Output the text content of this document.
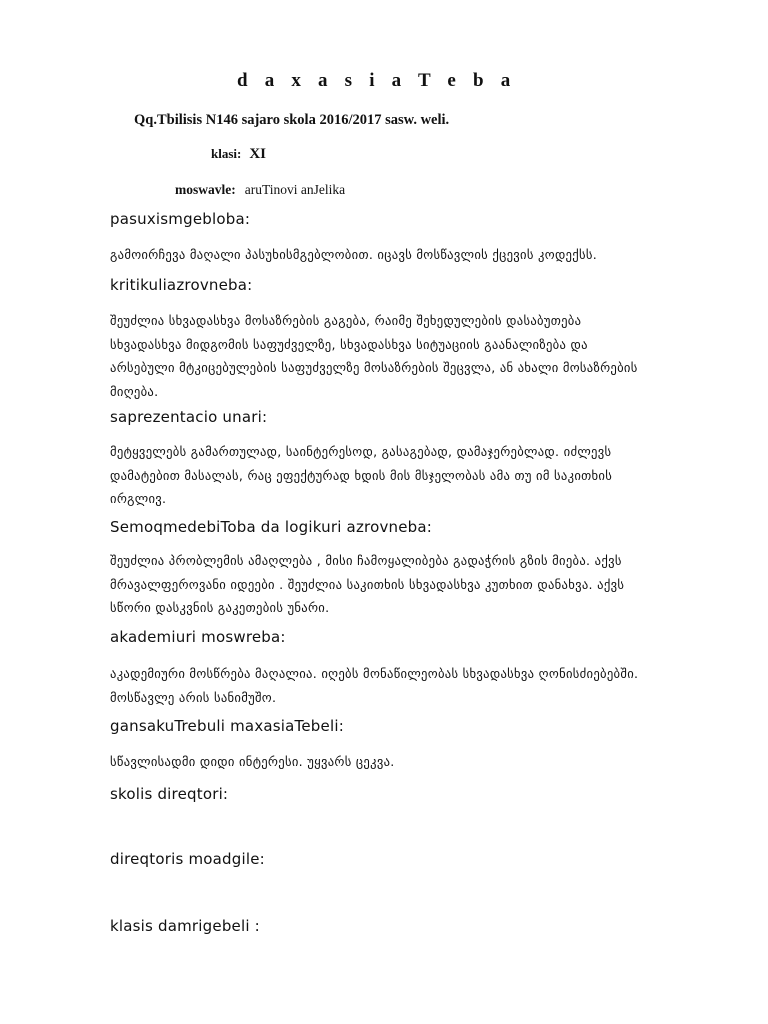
d a x a s i a T e b a
Qq.Tbilisis N146 sajaro skola 2016/2017 sasw. weli.
klasi: XI
moswavle: aruTinovi anJelika
pasuxismgebloba:
გამოირჩევა მაღალი პასუხისმგებლობით. იცავს მოსწავლის ქცევის კოდექსს.
kritikuliazrovneba:
შეუძლია სხვადასხვა მოსაზრების გაგება, რაიმე შეხედულების დასაბუთება
სხვადასხვა მიდგომის საფუძველზე, სხვადასხვა სიტუაციის გაანალიზება და
არსებული მტკიცებულების საფუძველზე მოსაზრების შეცვლა, ან ახალი მოსაზრების
მიღება.
saprezentacio unari:
მეტყველებს გამართულად, საინტერესოდ, გასაგებად, დამაჯერებლად. იძლევს
დამატებით მასალას, რაც ეფექტურად ხდის მის მსჯელობას ამა თუ იმ საკითხის
ირგლივ.
SemoqmedebiToba da logikuri azrovneba:
შეუძლია პრობლემის ამაღლება , მისი ჩამოყალიბება გადაჭრის გზის მიება. აქვს
მრავალფეროვანი იდეები . შეუძლია საკითხის სხვადასხვა კუთხით დანახვა. აქვს
სწორი დასკვნის გაკეთების უნარი.
akademiuri moswreba:
აკადემიური მოსწრება მაღალია. იღებს მონაწილეობას სხვადასხვა ღონისძიებებში.
მოსწავლე არის სანიმუშო.
gansakuTrebuli maxasiaTebeli:
სწავლისადმი დიდი ინტერესი. უყვარს ცეკვა.
skolis direqtori:
direqtoris moadgile:
klasis damrigebeli :
